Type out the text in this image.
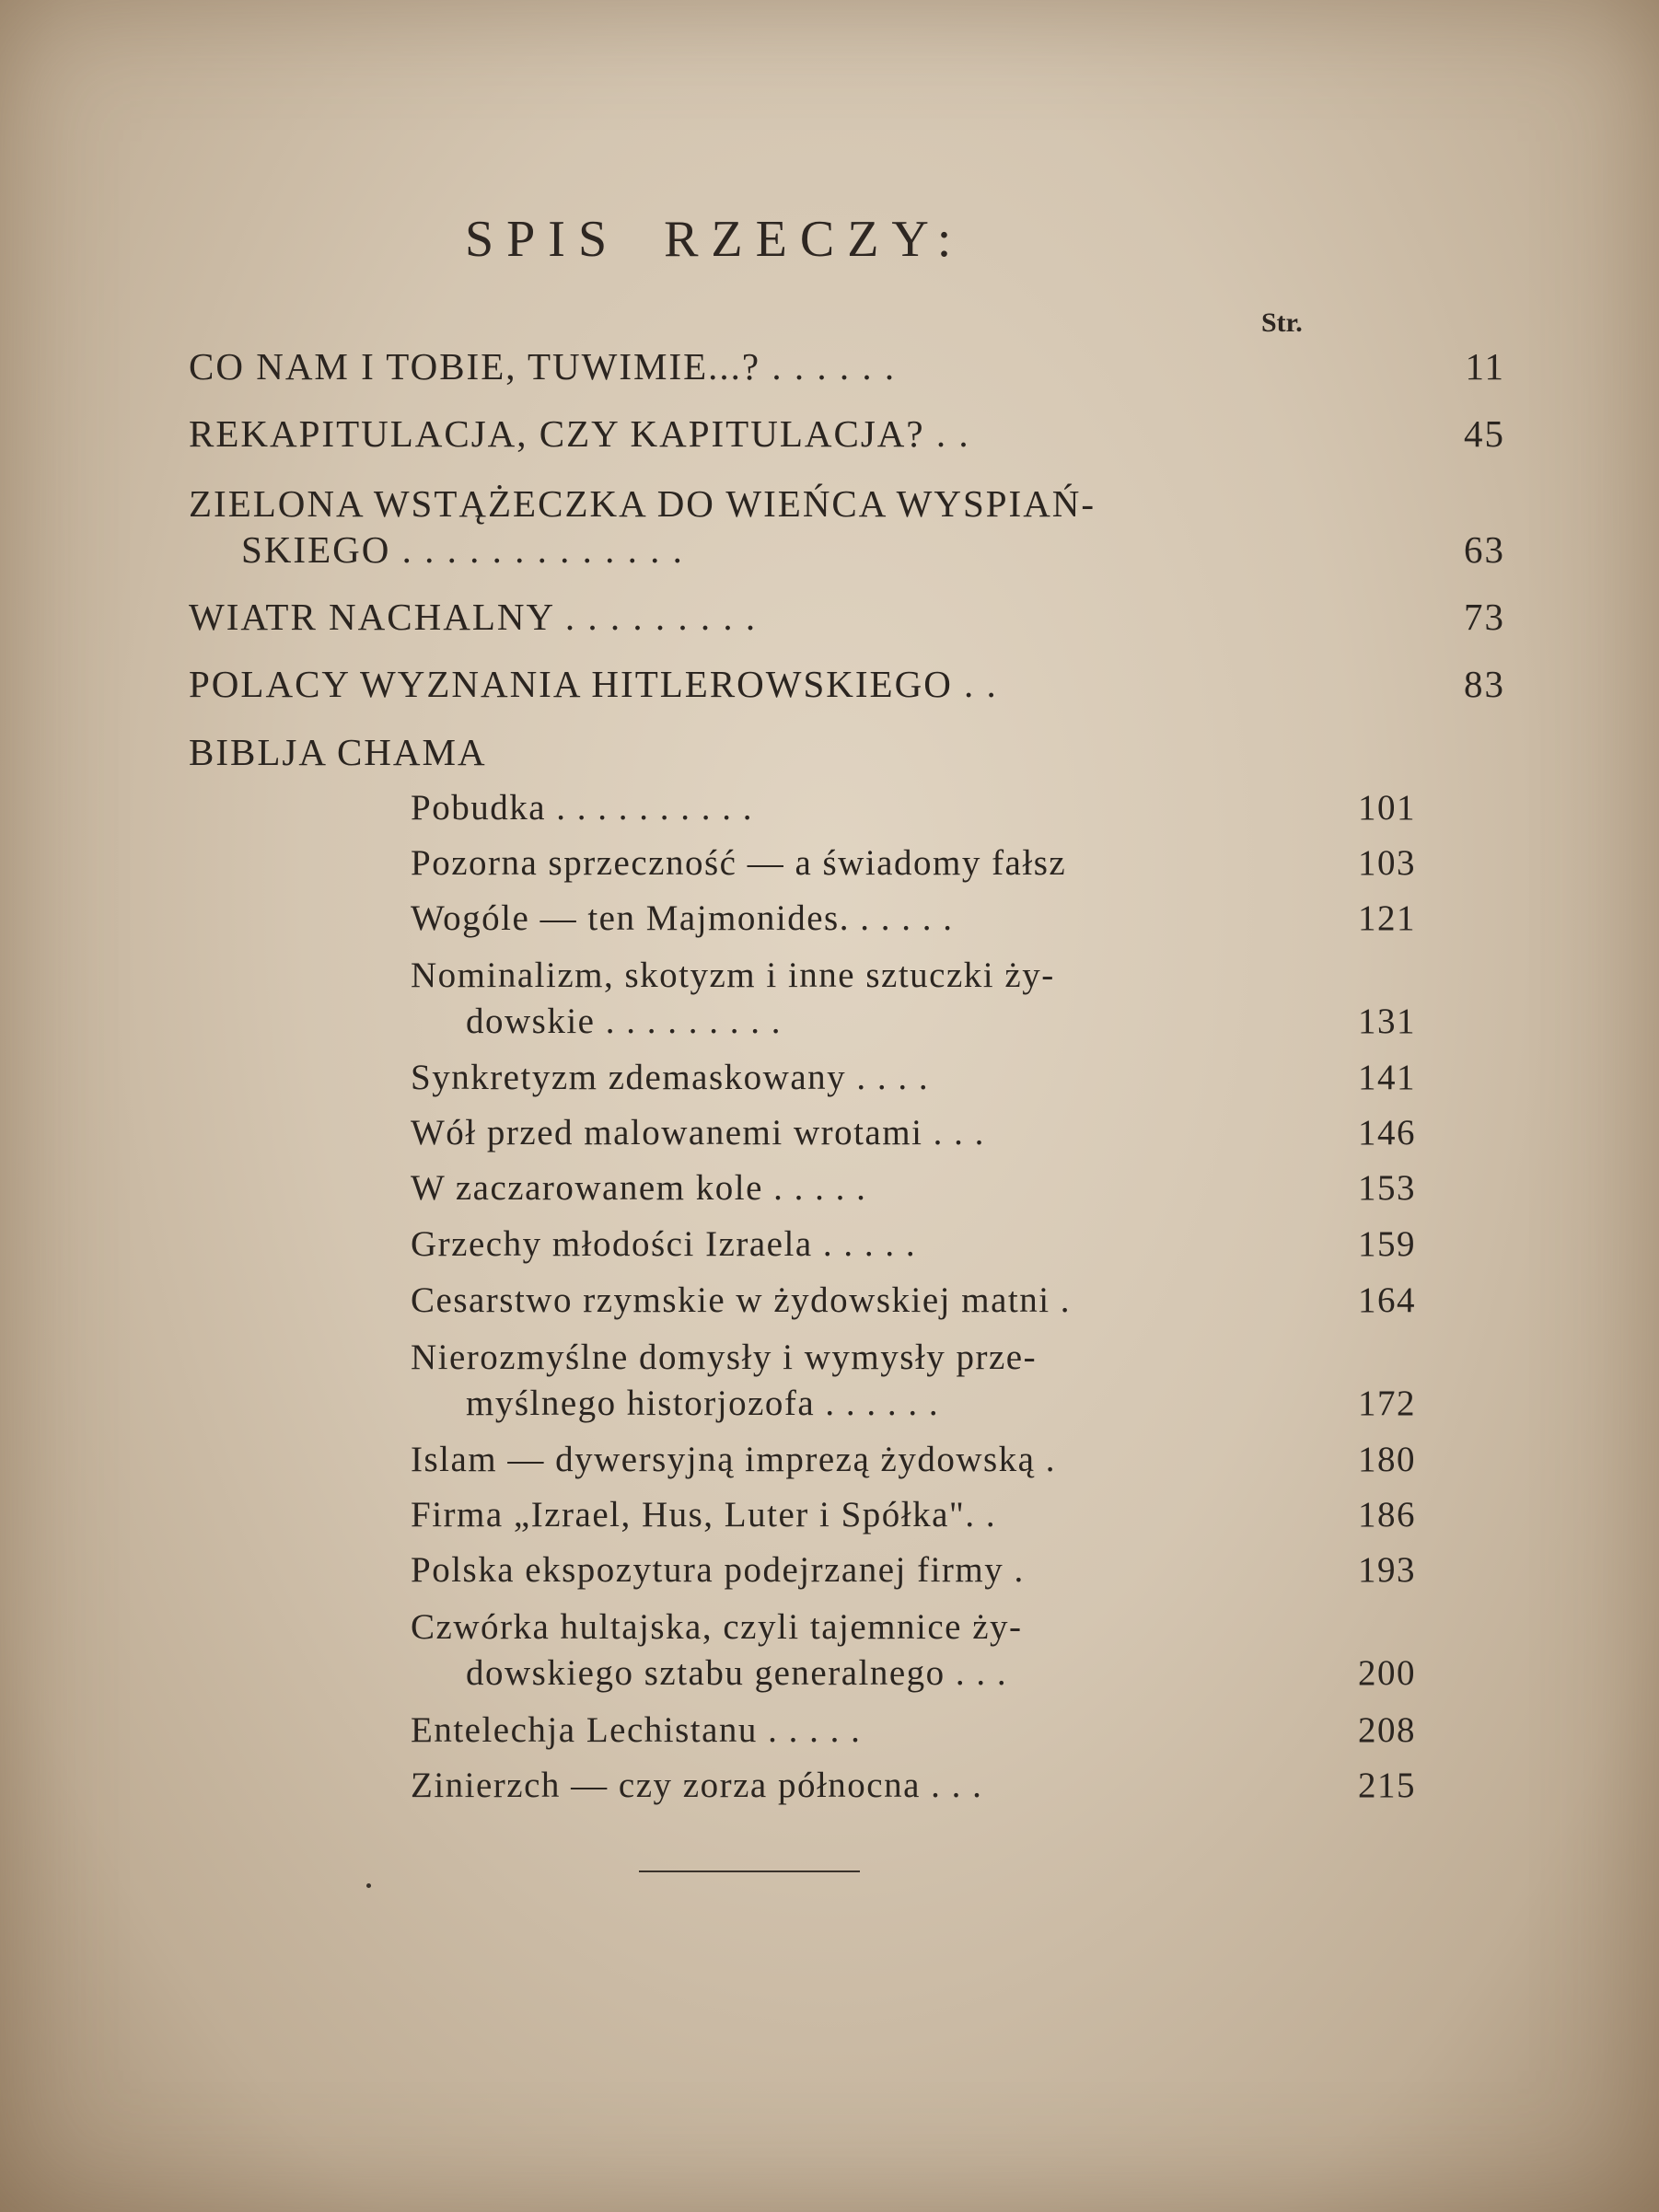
SPIS RZECZY:
Str.
CO NAM I TOBIE, TUWIMIE...? . . . . . .	11
REKAPITULACJA, CZY KAPITULACJA? . .	45
ZIELONA WSTĄŻECZKA DO WIEŃCA WYSPIAŃ-
SKIEGO . . . . . . . . . . . . .	63
WIATR NACHALNY . . . . . . . . .	73
POLACY WYZNANIA HITLEROWSKIEGO . .	83
BIBLJA CHAMA
Pobudka . . . . . . . . . .	101
Pozorna sprzeczność — a świadomy fałsz	103
Wogóle — ten Majmonides. . . . . .	121
Nominalizm, skotyzm i inne sztuczki ży-
dowskie . . . . . . . . .	131
Synkretyzm zdemaskowany . . . .	141
Wół przed malowanemi wrotami . . .	146
W zaczarowanem kole . . . . .	153
Grzechy młodości Izraela . . . . .	159
Cesarstwo rzymskie w żydowskiej matni .	164
Nierozmyślne domysły i wymysły prze-
myślnego historjozofa . . . . . .	172
Islam — dywersyjną imprezą żydowską .	180
Firma „Izrael, Hus, Luter i Spółka". .	186
Polska ekspozytura podejrzanej firmy .	193
Czwórka hultajska, czyli tajemnice ży-
dowskiego sztabu generalnego . . .	200
Entelechja Lechistanu . . . . .	208
Zinierzch — czy zorza północna . . .	215
